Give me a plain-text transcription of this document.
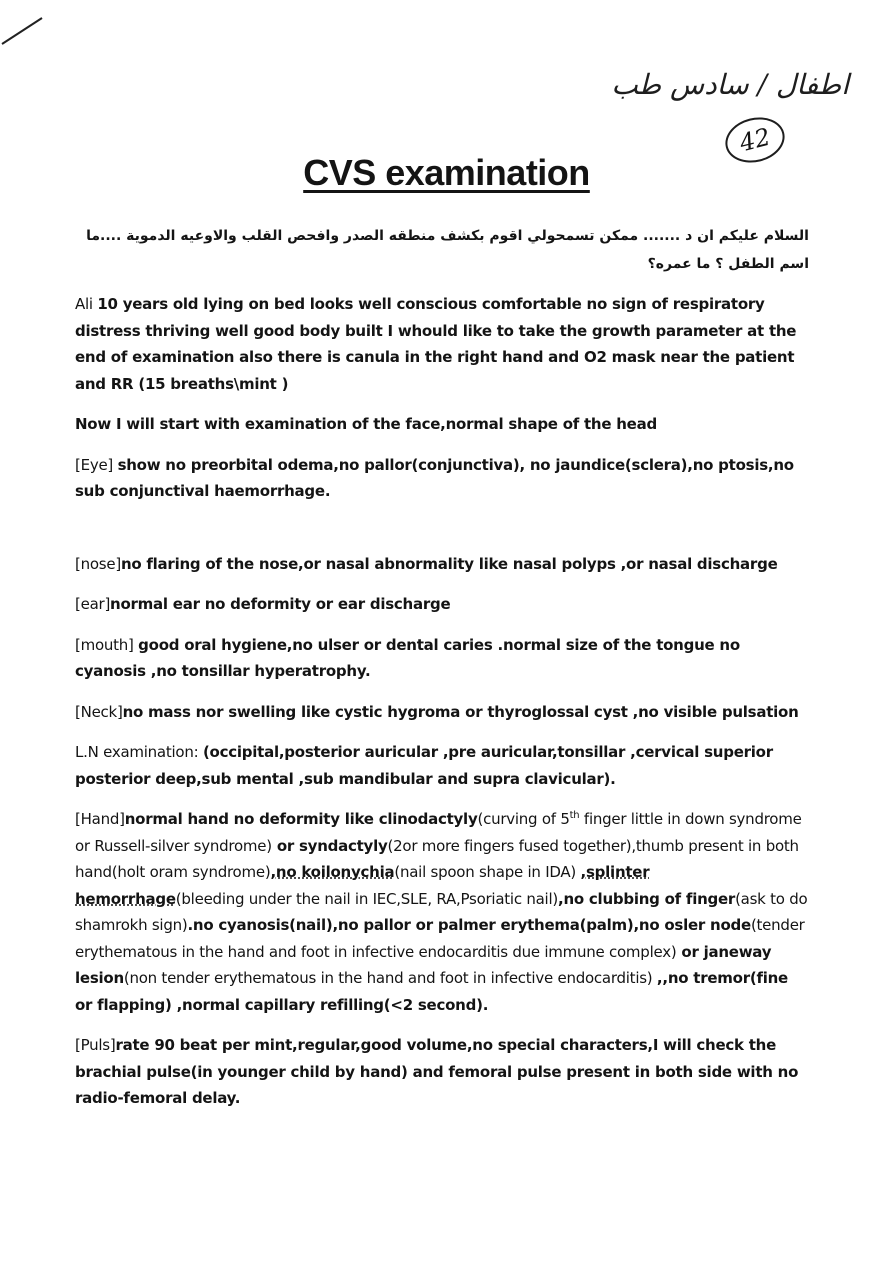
اطفال / سادس طب
42
CVS examination

السلام عليكم ان د ....... ممكن تسمحولي اقوم بكشف منطقه الصدر وافحص القلب والاوعيه الدموية ....ما اسم الطفل ؟ ما عمره؟

Ali 10 years old lying on bed looks well conscious comfortable no sign of respiratory distress thriving well good body built I whould like to take the growth parameter at the end of examination also there is canula in the right hand and O2 mask near the patient and RR (15 breaths\mint )

Now I will start with examination of the face,normal shape of the head

[Eye] show no preorbital odema,no pallor(conjunctiva), no jaundice(sclera),no ptosis,no sub conjunctival haemorrhage.

[nose]no flaring of the nose,or nasal abnormality like nasal polyps ,or nasal discharge

[ear]normal ear no deformity or ear discharge

[mouth] good oral hygiene,no ulser or dental caries .normal size of the tongue no cyanosis ,no tonsillar hyperatrophy.

[Neck]no mass nor swelling like cystic hygroma or thyroglossal cyst ,no visible pulsation

L.N examination: (occipital,posterior auricular ,pre auricular,tonsillar ,cervical superior posterior deep,sub mental ,sub mandibular and supra clavicular).

[Hand]normal hand no deformity like clinodactyly(curving of 5th finger little in down syndrome or Russell-silver syndrome) or syndactyly(2or more fingers fused together),thumb present in both hand(holt oram syndrome),no koilonychia(nail spoon shape in IDA) ,splinter hemorrhage(bleeding under the nail in IEC,SLE, RA,Psoriatic nail),no clubbing of finger(ask to do shamrokh sign).no cyanosis(nail),no pallor or palmer erythema(palm),no osler node(tender erythematous in the hand and foot in infective endocarditis due immune complex) or janeway lesion(non tender erythematous in the hand and foot in infective endocarditis) ,,no tremor(fine or flapping) ,normal capillary refilling(<2 second).

[Puls]rate 90 beat per mint,regular,good volume,no special characters,I will check the brachial pulse(in younger child by hand) and femoral pulse present in both side with no radio-femoral delay.
